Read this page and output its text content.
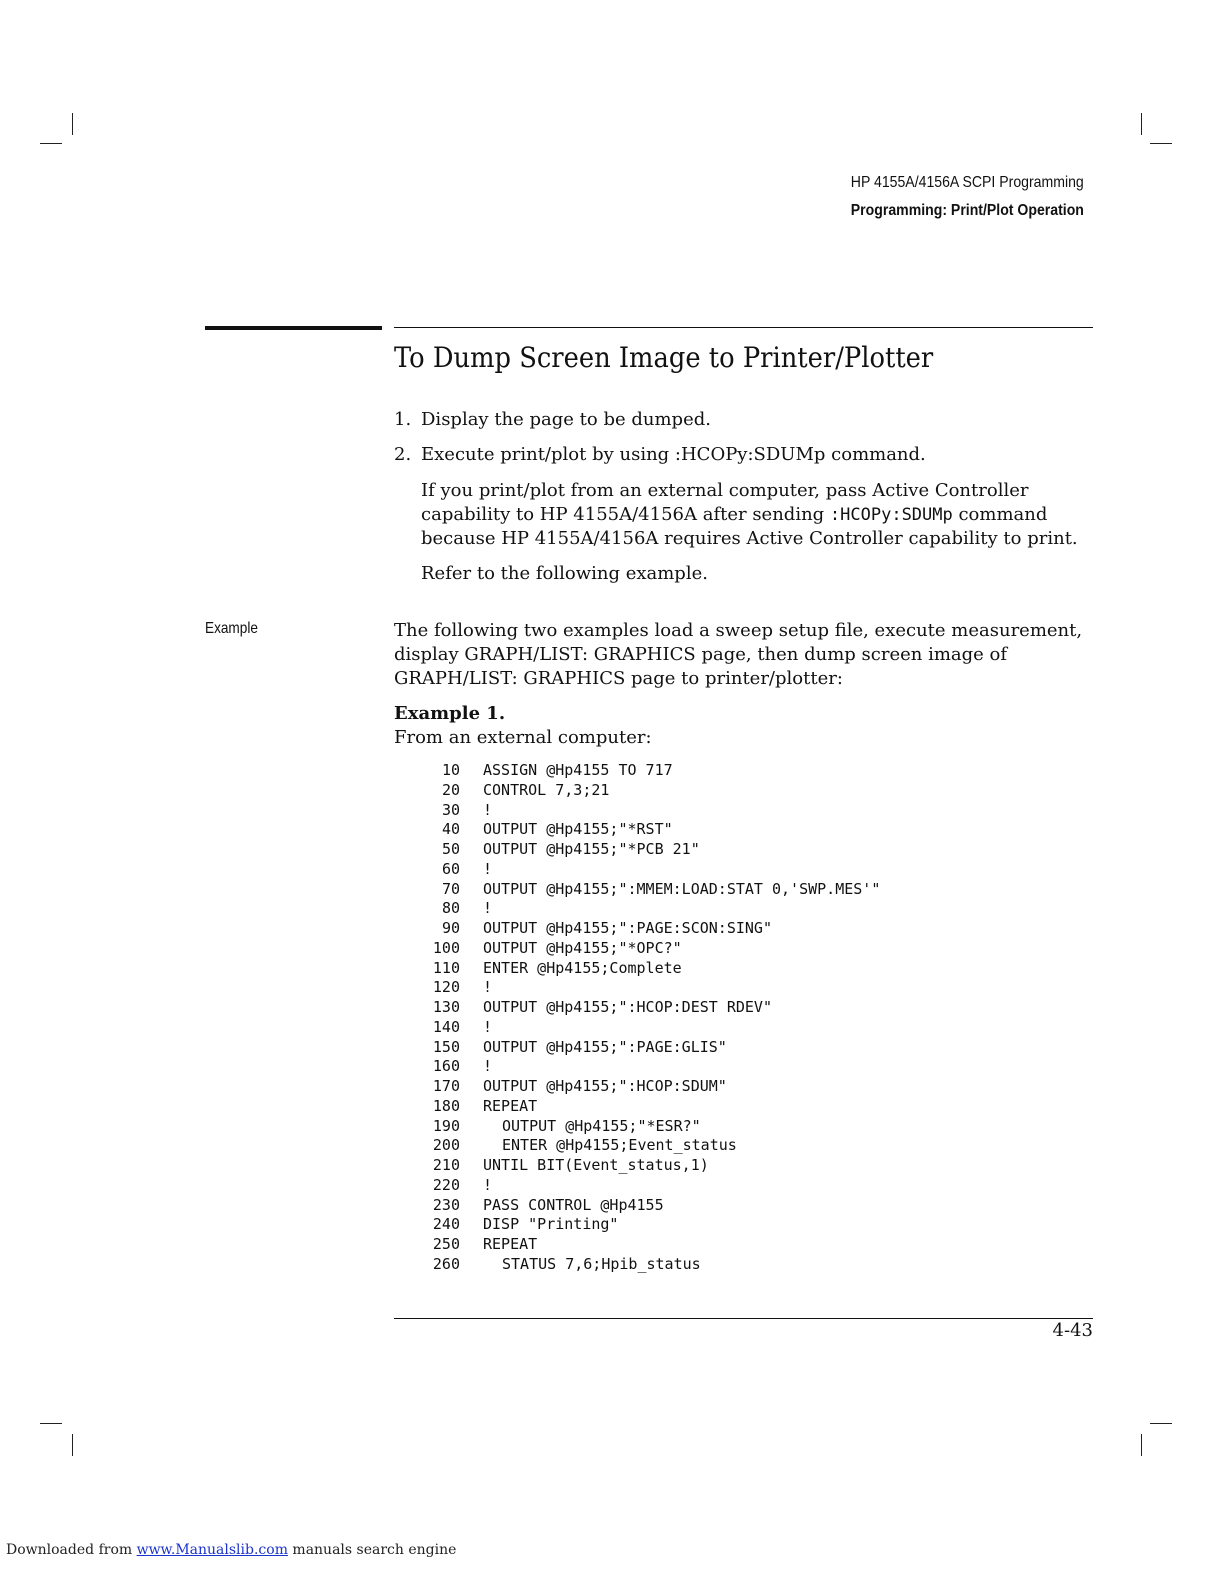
HP 4155A/4156A SCPI Programming
Programming: Print/Plot Operation
To Dump Screen Image to Printer/Plotter
1. Display the page to be dumped.
2. Execute print/plot by using :HCOPy:SDUMp command.

If you print/plot from an external computer, pass Active Controller

capability to HP 4155A/4156A after sending :HCOPy:SDUMp command

because HP 4155A/4156A requires Active Controller capability to print.

Refer to the following example.

Example	The following two examples load a sweep setup file, execute measurement,

display GRAPH/LIST: GRAPHICS page, then dump screen image of

GRAPH/LIST: GRAPHICS page to printer/plotter:

Example 1.
From an external computer:
10 ASSIGN @Hp4155 TO 717
20 CONTROL 7,3;21
30 !
40 OUTPUT @Hp4155;"*RST"
50 OUTPUT @Hp4155;"*PCB 21"
60 !
70 OUTPUT @Hp4155;":MMEM:LOAD:STAT 0,'SWP.MES'"
80 !
90 OUTPUT @Hp4155;":PAGE:SCON:SING"
100 OUTPUT @Hp4155;"*OPC?"
110 ENTER @Hp4155;Complete
120 !
130 OUTPUT @Hp4155;":HCOP:DEST RDEV"
140 !
150 OUTPUT @Hp4155;":PAGE:GLIS"
160 !
170 OUTPUT @Hp4155;":HCOP:SDUM"
180 REPEAT
190	OUTPUT @Hp4155;"*ESR?"
200	ENTER @Hp4155;Event_status
210 UNTIL BIT(Event_status,1)
220 !
230 PASS CONTROL @Hp4155
240 DISP "Printing"
250 REPEAT
260	STATUS 7,6;Hpib_status
4-43
Downloaded from www.Manualslib.com manuals search engine
